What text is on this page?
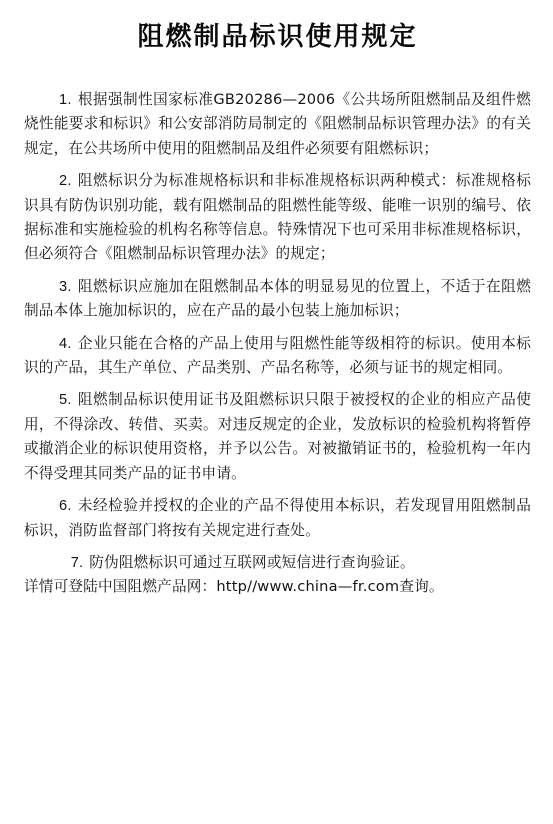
阻燃制品标识使用规定

1. 根据强制性国家标准GB20286—2006《公共场所阻燃制品及组件燃烧性能要求和标识》和公安部消防局制定的《阻燃制品标识管理办法》的有关规定，在公共场所中使用的阻燃制品及组件必须要有阻燃标识；

2. 阻燃标识分为标准规格标识和非标准规格标识两种模式：标准规格标识具有防伪识别功能，载有阻燃制品的阻燃性能等级、能唯一识别的编号、依据标准和实施检验的机构名称等信息。特殊情况下也可采用非标准规格标识，但必须符合《阻燃制品标识管理办法》的规定；

3. 阻燃标识应施加在阻燃制品本体的明显易见的位置上，不适于在阻燃制品本体上施加标识的，应在产品的最小包装上施加标识；

4. 企业只能在合格的产品上使用与阻燃性能等级相符的标识。使用本标识的产品，其生产单位、产品类别、产品名称等，必须与证书的规定相同。

5. 阻燃制品标识使用证书及阻燃标识只限于被授权的企业的相应产品使用，不得涂改、转借、买卖。对违反规定的企业，发放标识的检验机构将暂停或撤消企业的标识使用资格，并予以公告。对被撤销证书的，检验机构一年内不得受理其同类产品的证书申请。

6. 未经检验并授权的企业的产品不得使用本标识，若发现冒用阻燃制品标识，消防监督部门将按有关规定进行查处。

7. 防伪阻燃标识可通过互联网或短信进行查询验证。
详情可登陆中国阻燃产品网：http//www.china—fr.com查询。
